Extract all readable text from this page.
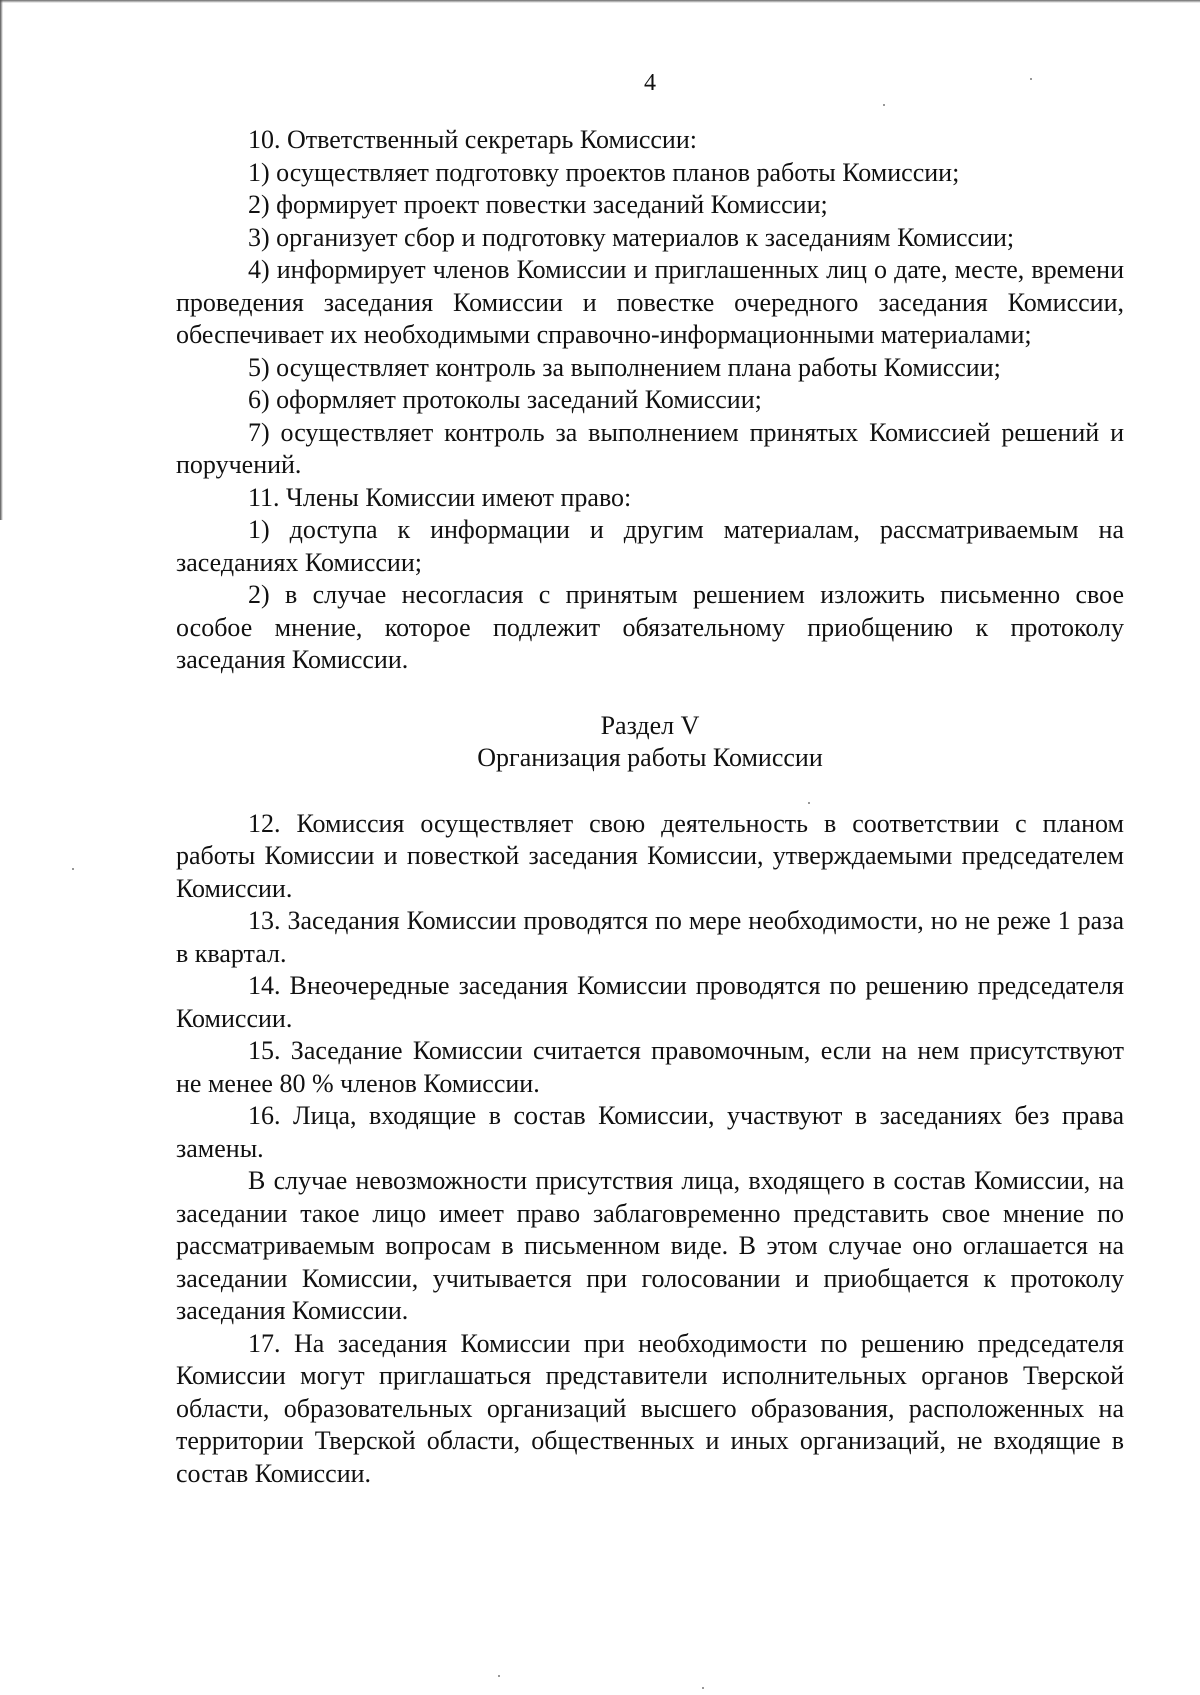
4

10. Ответственный секретарь Комиссии:

1) осуществляет подготовку проектов планов работы Комиссии;

2) формирует проект повестки заседаний Комиссии;

3) организует сбор и подготовку материалов к заседаниям Комиссии;

4) информирует членов Комиссии и приглашенных лиц о дате, месте, времени проведения заседания Комиссии и повестке очередного заседания Комиссии, обеспечивает их необходимыми справочно-информационными материалами;

5) осуществляет контроль за выполнением плана работы Комиссии;

6) оформляет протоколы заседаний Комиссии;

7) осуществляет контроль за выполнением принятых Комиссией решений и поручений.

11. Члены Комиссии имеют право:

1) доступа к информации и другим материалам, рассматриваемым на заседаниях Комиссии;

2) в случае несогласия с принятым решением изложить письменно свое особое мнение, которое подлежит обязательному приобщению к протоколу заседания Комиссии.

Раздел V

Организация работы Комиссии

12. Комиссия осуществляет свою деятельность в соответствии с планом работы Комиссии и повесткой заседания Комиссии, утверждаемыми председателем Комиссии.

13. Заседания Комиссии проводятся по мере необходимости, но не реже 1 раза в квартал.

14. Внеочередные заседания Комиссии проводятся по решению председателя Комиссии.

15. Заседание Комиссии считается правомочным, если на нем присутствуют не менее 80 % членов Комиссии.

16. Лица, входящие в состав Комиссии, участвуют в заседаниях без права замены.

В случае невозможности присутствия лица, входящего в состав Комиссии, на заседании такое лицо имеет право заблаговременно представить свое мнение по рассматриваемым вопросам в письменном виде. В этом случае оно оглашается на заседании Комиссии, учитывается при голосовании и приобщается к протоколу заседания Комиссии.

17. На заседания Комиссии при необходимости по решению председателя Комиссии могут приглашаться представители исполнительных органов Тверской области, образовательных организаций высшего образования, расположенных на территории Тверской области, общественных и иных организаций, не входящие в состав Комиссии.
